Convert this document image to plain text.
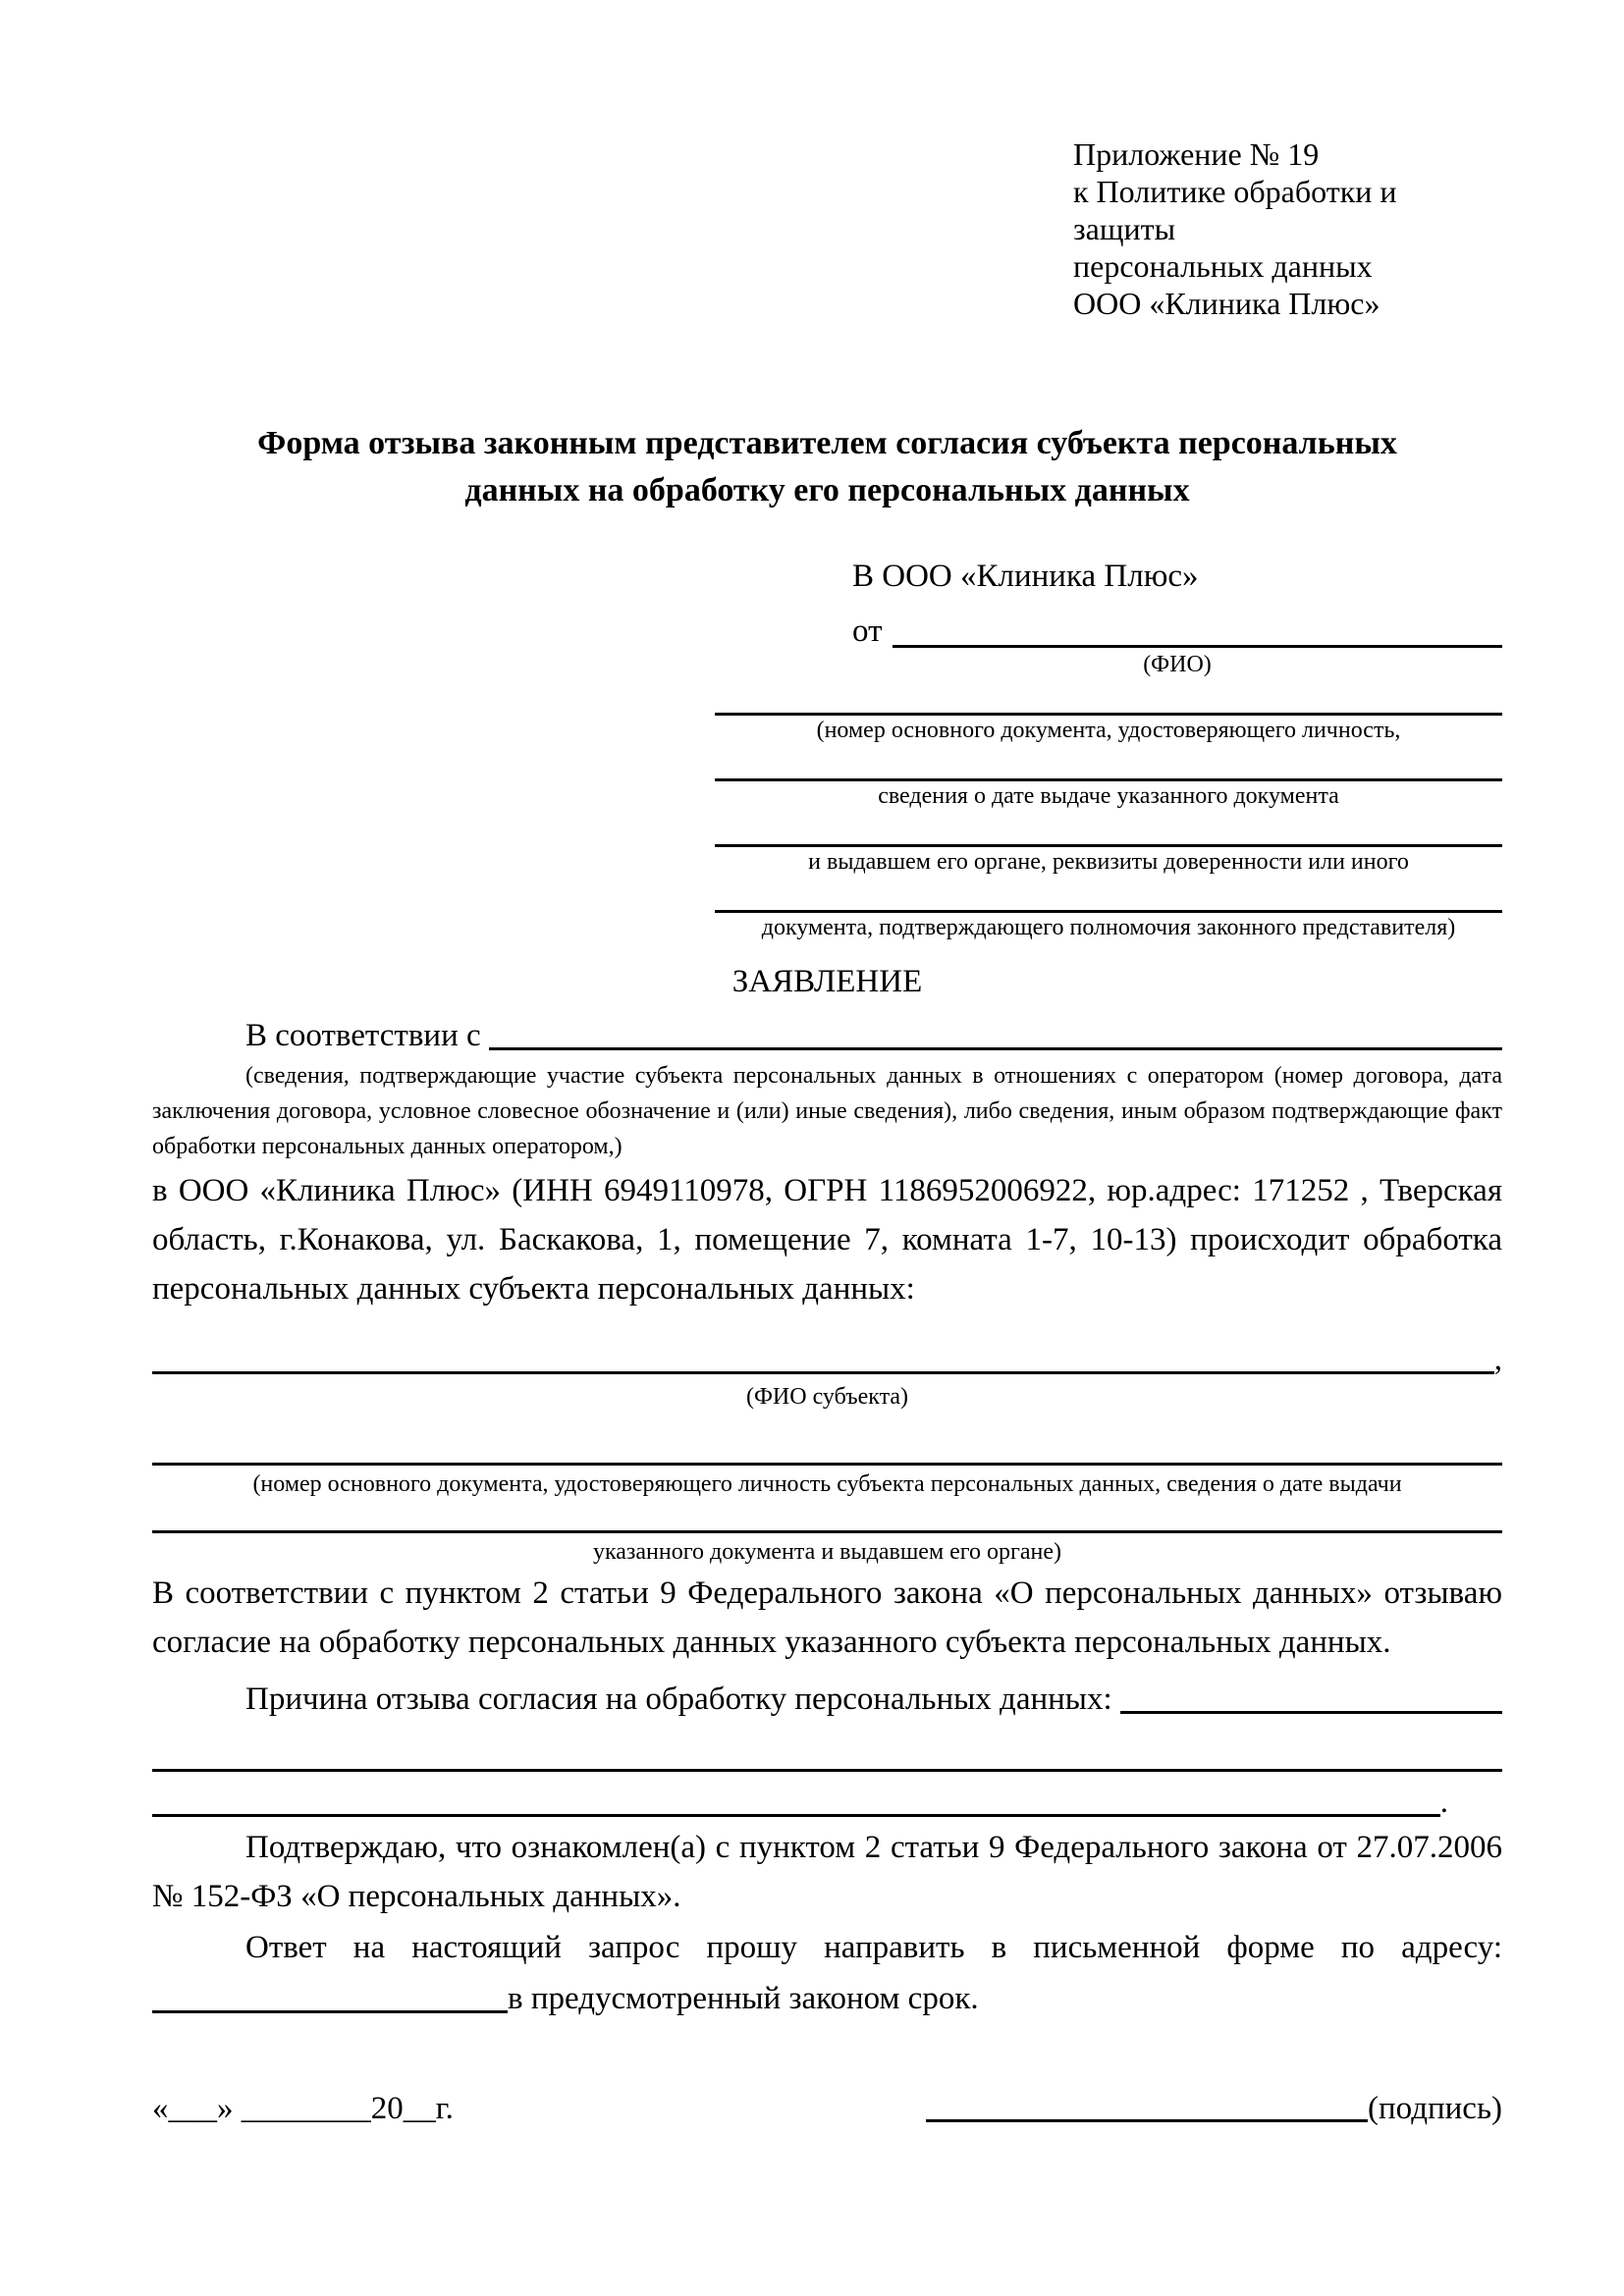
Приложение № 19
к Политике обработки и защиты
персональных данных
ООО «Клиника Плюс»
Форма отзыва законным представителем согласия субъекта персональных данных на обработку его персональных данных
В ООО «Клиника Плюс»
от
(ФИО)
(номер основного документа, удостоверяющего личность,
сведения о дате выдаче указанного документа
и выдавшем его органе, реквизиты доверенности или иного
документа, подтверждающего полномочия законного представителя)
ЗАЯВЛЕНИЕ
В соответствии с

(сведения, подтверждающие участие субъекта персональных данных в отношениях с оператором (номер договора, дата заключения договора, условное словесное обозначение и (или) иные сведения), либо сведения, иным образом подтверждающие факт обработки персональных данных оператором,)

в ООО «Клиника Плюс» (ИНН 6949110978, ОГРН 1186952006922, юр.адрес: 171252 , Тверская область, г.Конакова, ул. Баскакова, 1, помещение 7, комната 1-7, 10-13) происходит обработка персональных данных субъекта персональных данных:

,
(ФИО субъекта)
(номер основного документа, удостоверяющего личность субъекта персональных данных, сведения о дате выдачи
указанного документа и выдавшем его органе)

В соответствии с пунктом 2 статьи 9 Федерального закона «О персональных данных» отзываю согласие на обработку персональных данных указанного субъекта персональных данных.

Причина отзыва согласия на обработку персональных данных:
.

Подтверждаю, что ознакомлен(а) с пунктом 2 статьи 9 Федерального закона от 27.07.2006 № 152-ФЗ «О персональных данных».

Ответ на настоящий запрос прошу направить в письменной форме по адресу:

в предусмотренный законом срок.
«___» ________20__г.	(подпись)
